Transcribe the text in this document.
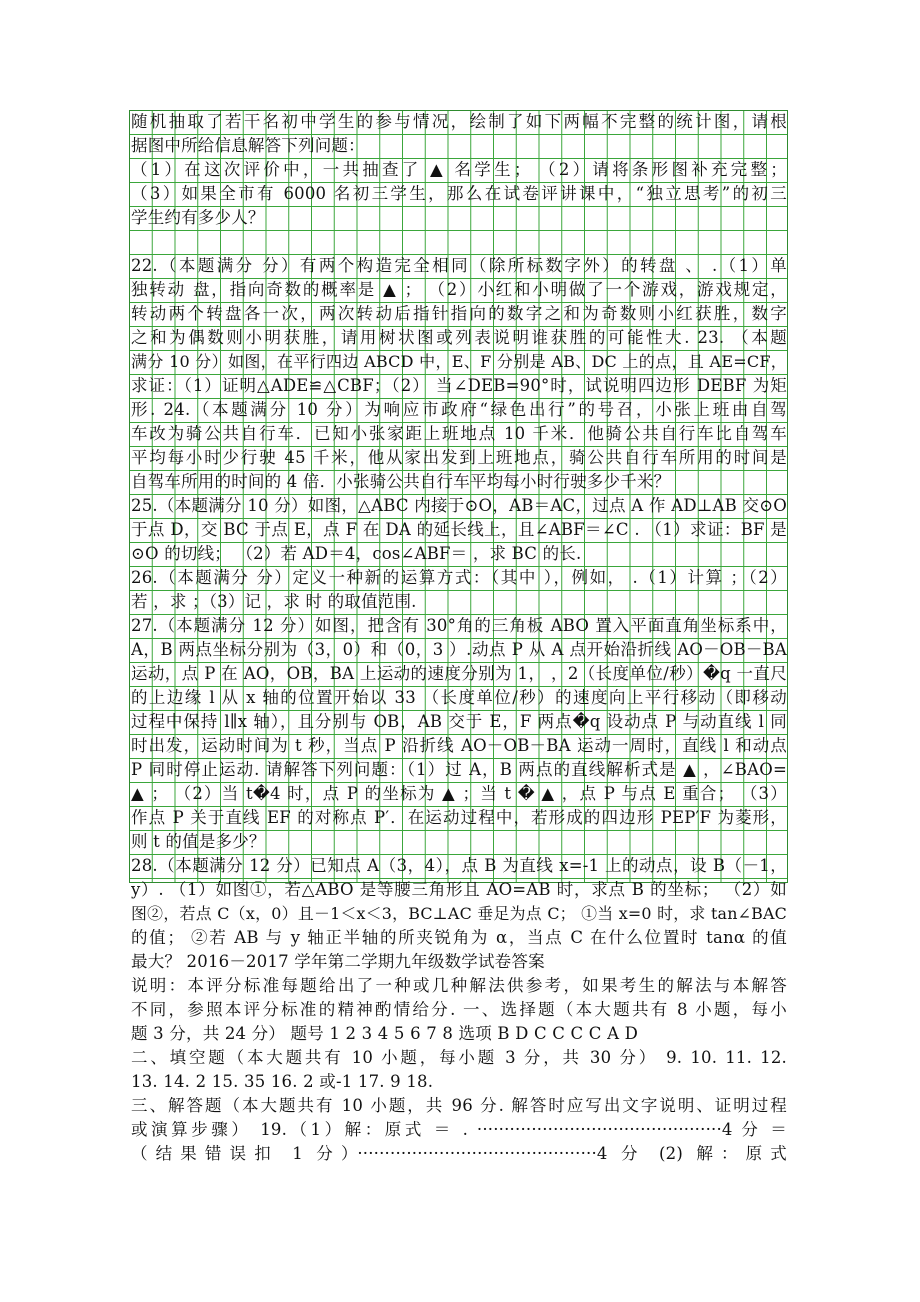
随机抽取了若干名初中学生的参与情况，绘制了如下两幅不完整的统计图，请根
据图中所给信息解答下列问题：
（1）在这次评价中，一共抽查了 ▲ 名学生； （2）请将条形图补充完整；
（3）如果全市有 6000 名初三学生，那么在试卷评讲课中，“独立思考”的初三
学生约有多少人？
22.（本题满分 分）有两个构造完全相同（除所标数字外）的转盘 、 .（1）单
独转动 盘，指向奇数的概率是 ▲ ； （2）小红和小明做了一个游戏，游戏规定，
转动两个转盘各一次，两次转动后指针指向的数字之和为奇数则小红获胜，数字
之和为偶数则小明获胜，请用树状图或列表说明谁获胜的可能性大. 23. （本题
满分 10 分）如图，在平行四边 ABCD 中，E、F 分别是 AB、DC 上的点，且 AE=CF，
求证：（1）证明△ADE≌△CBF；（2） 当∠DEB=90°时，试说明四边形 DEBF 为矩
形. 24.（本题满分 10 分）为响应市政府“绿色出行”的号召，小张上班由自驾
车改为骑公共自行车．已知小张家距上班地点 10 千米．他骑公共自行车比自驾车
平均每小时少行驶 45 千米，他从家出发到上班地点，骑公共自行车所用的时间是
自驾车所用的时间的 4 倍．小张骑公共自行车平均每小时行驶多少千米？
25.（本题满分 10 分）如图，△ABC 内接于⊙O，AB＝AC，过点 A 作 AD⊥AB 交⊙O
于点 D，交 BC 于点 E，点 F 在 DA 的延长线上，且∠ABF＝∠C . （1）求证：BF 是
⊙O 的切线； （2）若 AD＝4，cos∠ABF＝ ，求 BC 的长.
26.（本题满分 分）定义一种新的运算方式：（其中 ），例如， .（1）计算 ；（2）
若 ，求 ；（3）记 ，求 时 的取值范围.
27.（本题满分 12 分）如图，把含有 30°角的三角板 ABO 置入平面直角坐标系中，
A，B 两点坐标分别为（3，0）和（0，3 ）.动点 P 从 A 点开始沿折线 AO－OB－BA
运动，点 P 在 AO，OB，BA 上运动的速度分别为 1， ，2（长度单位/秒）�q 一直尺
的上边缘 l 从 x 轴的位置开始以 33 （长度单位/秒）的速度向上平行移动（即移动
过程中保持 l∥x 轴），且分别与 OB，AB 交于 E，F 两点�q 设动点 P 与动直线 l 同
时出发，运动时间为 t 秒，当点 P 沿折线 AO－OB－BA 运动一周时，直线 l 和动点
P 同时停止运动. 请解答下列问题：（1）过 A，B 两点的直线解析式是 ▲ ，∠BAO=
▲ ； （2）当 t�4 时，点 P 的坐标为 ▲ ；当 t � ▲ ，点 P 与点 E 重合； （3）
作点 P 关于直线 EF 的对称点 P′．在运动过程中，若形成的四边形 PEP′F 为菱形，
则 t 的值是多少？
28.（本题满分 12 分）已知点 A（3，4），点 B 为直线 x=-1 上的动点，设 B（－1，
y）. （1）如图①，若△ABO 是等腰三角形且 AO=AB 时，求点 B 的坐标； （2）如
图②，若点 C（x，0）且－1＜x＜3，BC⊥AC 垂足为点 C； ①当 x=0 时，求 tan∠BAC
的值； ②若 AB 与 y 轴正半轴的所夹锐角为 α，当点 C 在什么位置时 tanα 的值
最大？ 2016－2017 学年第二学期九年级数学试卷答案
说明：本评分标准每题给出了一种或几种解法供参考，如果考生的解法与本解答
不同，参照本评分标准的精神酌情给分. 一、选择题（本大题共有 8 小题，每小
题 3 分，共 24 分） 题号 1 2 3 4 5 6 7 8 选项 B D C C C C A D
二、填空题（本大题共有 10 小题，每小题 3 分，共 30 分） 9. 10. 11. 12.
13. 14. 2 15. 35 16. 2 或-1 17. 9 18.
三、解答题（本大题共有 10 小题，共 96 分. 解答时应写出文字说明、证明过程
或演算步骤） 19.（1）解：原式 ＝ . ·············································4 分 ＝
（结果错误扣 1 分）············································4 分 (2) 解：原式
